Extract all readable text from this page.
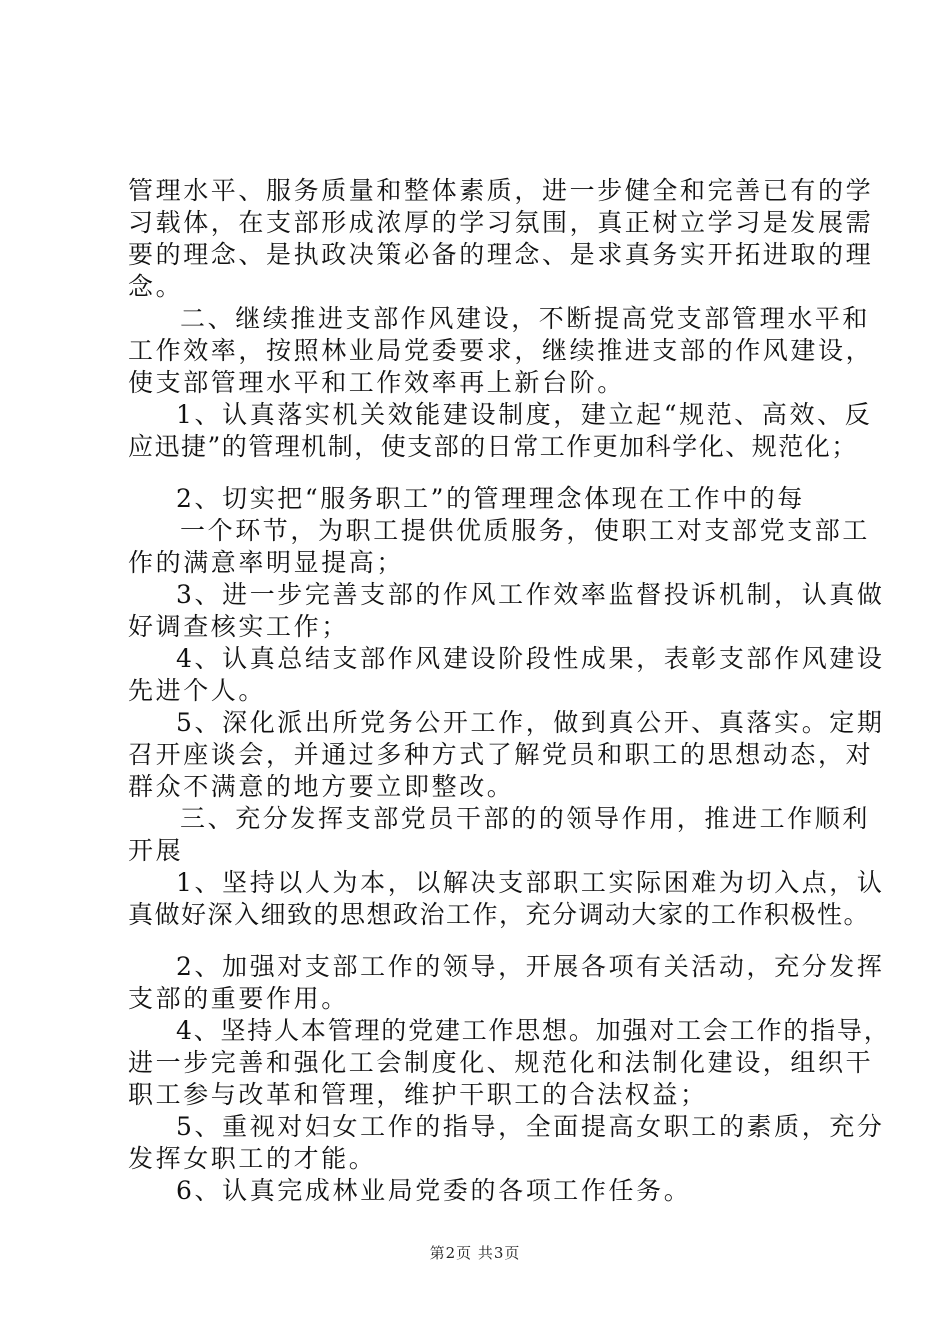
管理水平、服务质量和整体素质，进一步健全和完善已有的学
习载体，在支部形成浓厚的学习氛围，真正树立学习是发展需
要的理念、是执政决策必备的理念、是求真务实开拓进取的理
念。
二、继续推进支部作风建设，不断提高党支部管理水平和
工作效率，按照林业局党委要求，继续推进支部的作风建设，
使支部管理水平和工作效率再上新台阶。
1、认真落实机关效能建设制度，建立起“规范、高效、反
应迅捷”的管理机制，使支部的日常工作更加科学化、规范化；
2、切实把“服务职工”的管理理念体现在工作中的每
一个环节，为职工提供优质服务，使职工对支部党支部工
作的满意率明显提高；
3、进一步完善支部的作风工作效率监督投诉机制，认真做
好调查核实工作；
4、认真总结支部作风建设阶段性成果，表彰支部作风建设
先进个人。
5、深化派出所党务公开工作，做到真公开、真落实。定期
召开座谈会，并通过多种方式了解党员和职工的思想动态，对
群众不满意的地方要立即整改。
三、充分发挥支部党员干部的的领导作用，推进工作顺利
开展
1、坚持以人为本，以解决支部职工实际困难为切入点，认
真做好深入细致的思想政治工作，充分调动大家的工作积极性。
2、加强对支部工作的领导，开展各项有关活动，充分发挥
支部的重要作用。
4、坚持人本管理的党建工作思想。加强对工会工作的指导，
进一步完善和强化工会制度化、规范化和法制化建设，组织干
职工参与改革和管理，维护干职工的合法权益；
5、重视对妇女工作的指导，全面提高女职工的素质，充分
发挥女职工的才能。
6、认真完成林业局党委的各项工作任务。
第2页 共3页
